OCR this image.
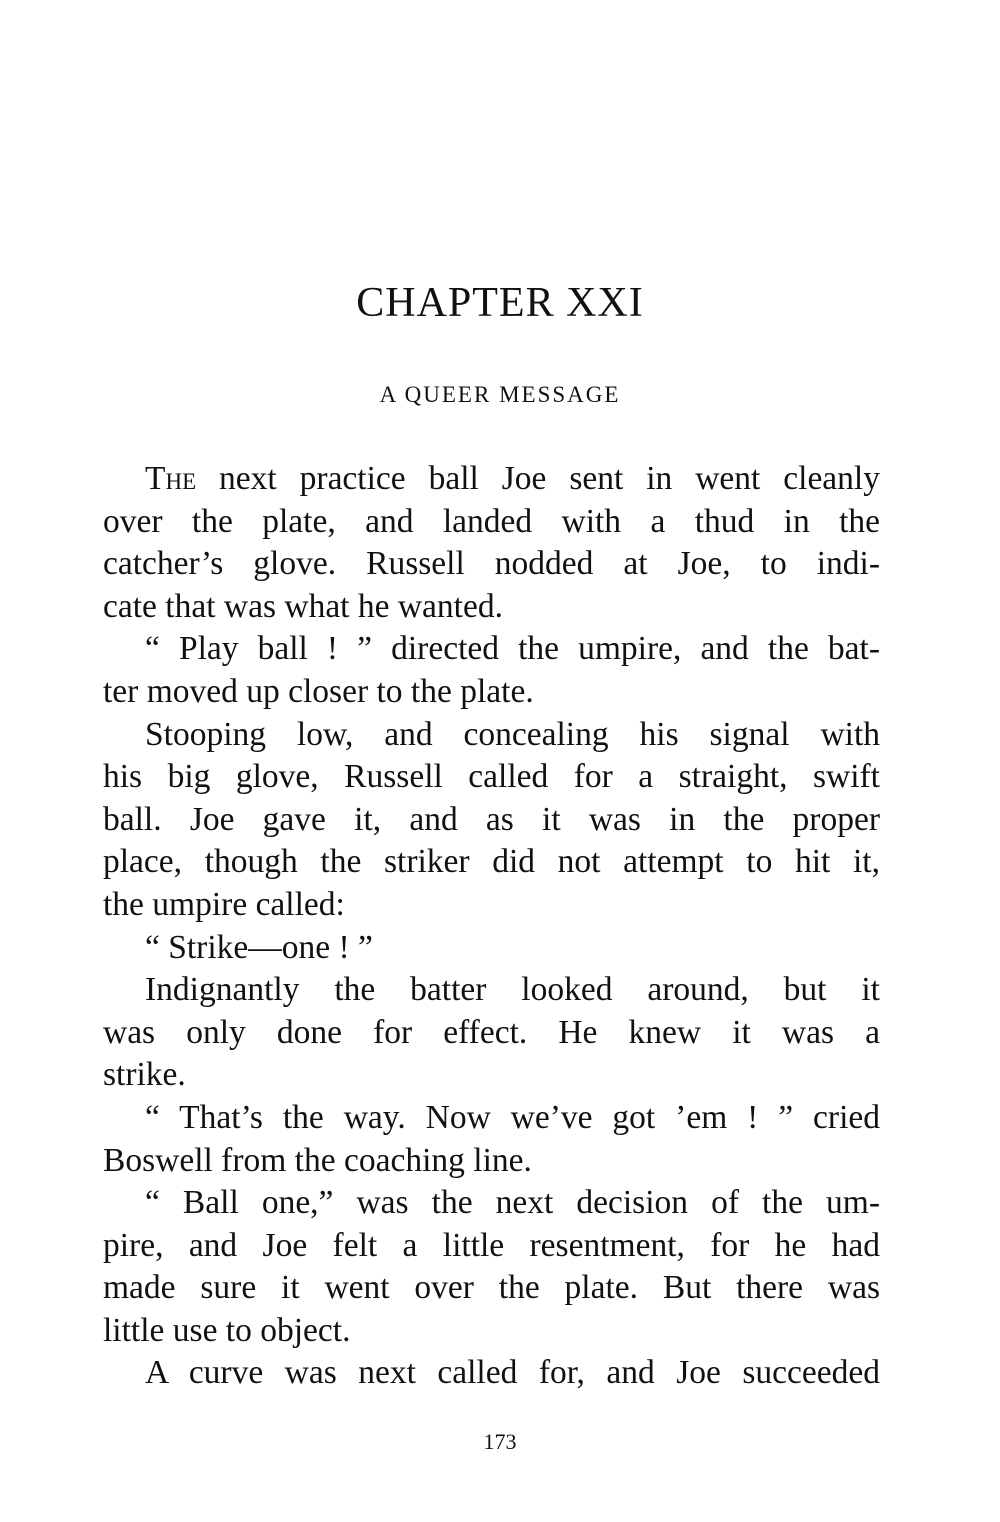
CHAPTER XXI
A QUEER MESSAGE
The next practice ball Joe sent in went cleanly
over the plate, and landed with a thud in the
catcher’s glove. Russell nodded at Joe, to indi-
cate that was what he wanted.
“ Play ball ! ” directed the umpire, and the bat-
ter moved up closer to the plate.
Stooping low, and concealing his signal with
his big glove, Russell called for a straight, swift
ball. Joe gave it, and as it was in the proper
place, though the striker did not attempt to hit it,
the umpire called:
“ Strike—one ! ”
Indignantly the batter looked around, but it
was only done for effect. He knew it was a
strike.
“ That’s the way. Now we’ve got ’em ! ” cried
Boswell from the coaching line.
“ Ball one,” was the next decision of the um-
pire, and Joe felt a little resentment, for he had
made sure it went over the plate. But there was
little use to object.
A curve was next called for, and Joe succeeded
173
